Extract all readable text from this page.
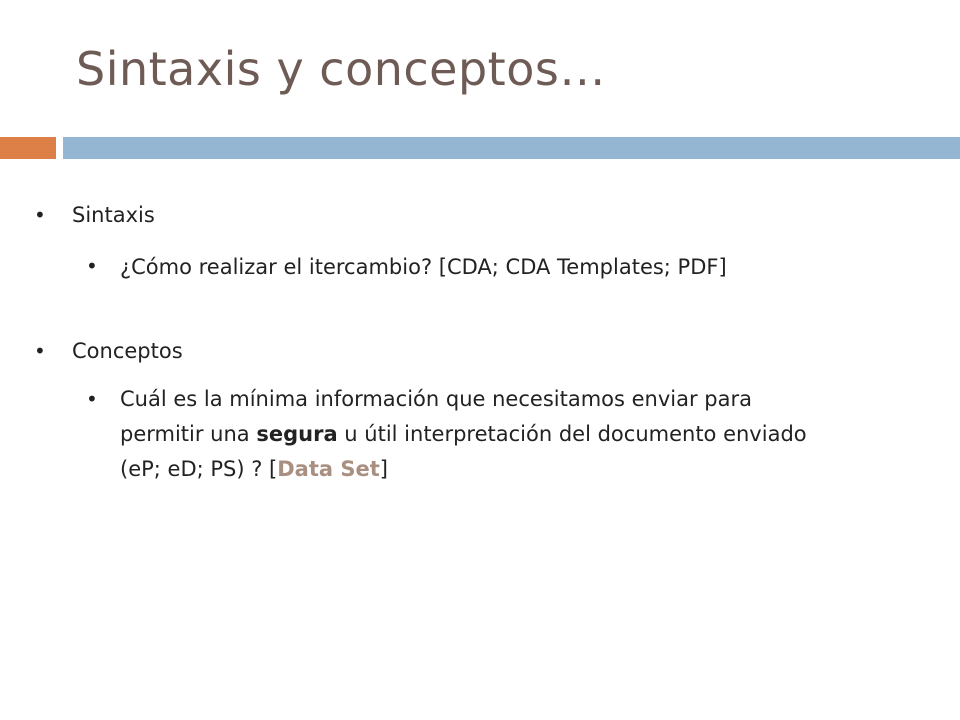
Sintaxis y conceptos…
• Sintaxis
• ¿Cómo realizar el itercambio? [CDA; CDA Templates; PDF]
• Conceptos
• Cuál es la mínima información que necesitamos enviar para permitir una segura u útil interpretación del documento enviado (eP; eD; PS) ? [Data Set]
